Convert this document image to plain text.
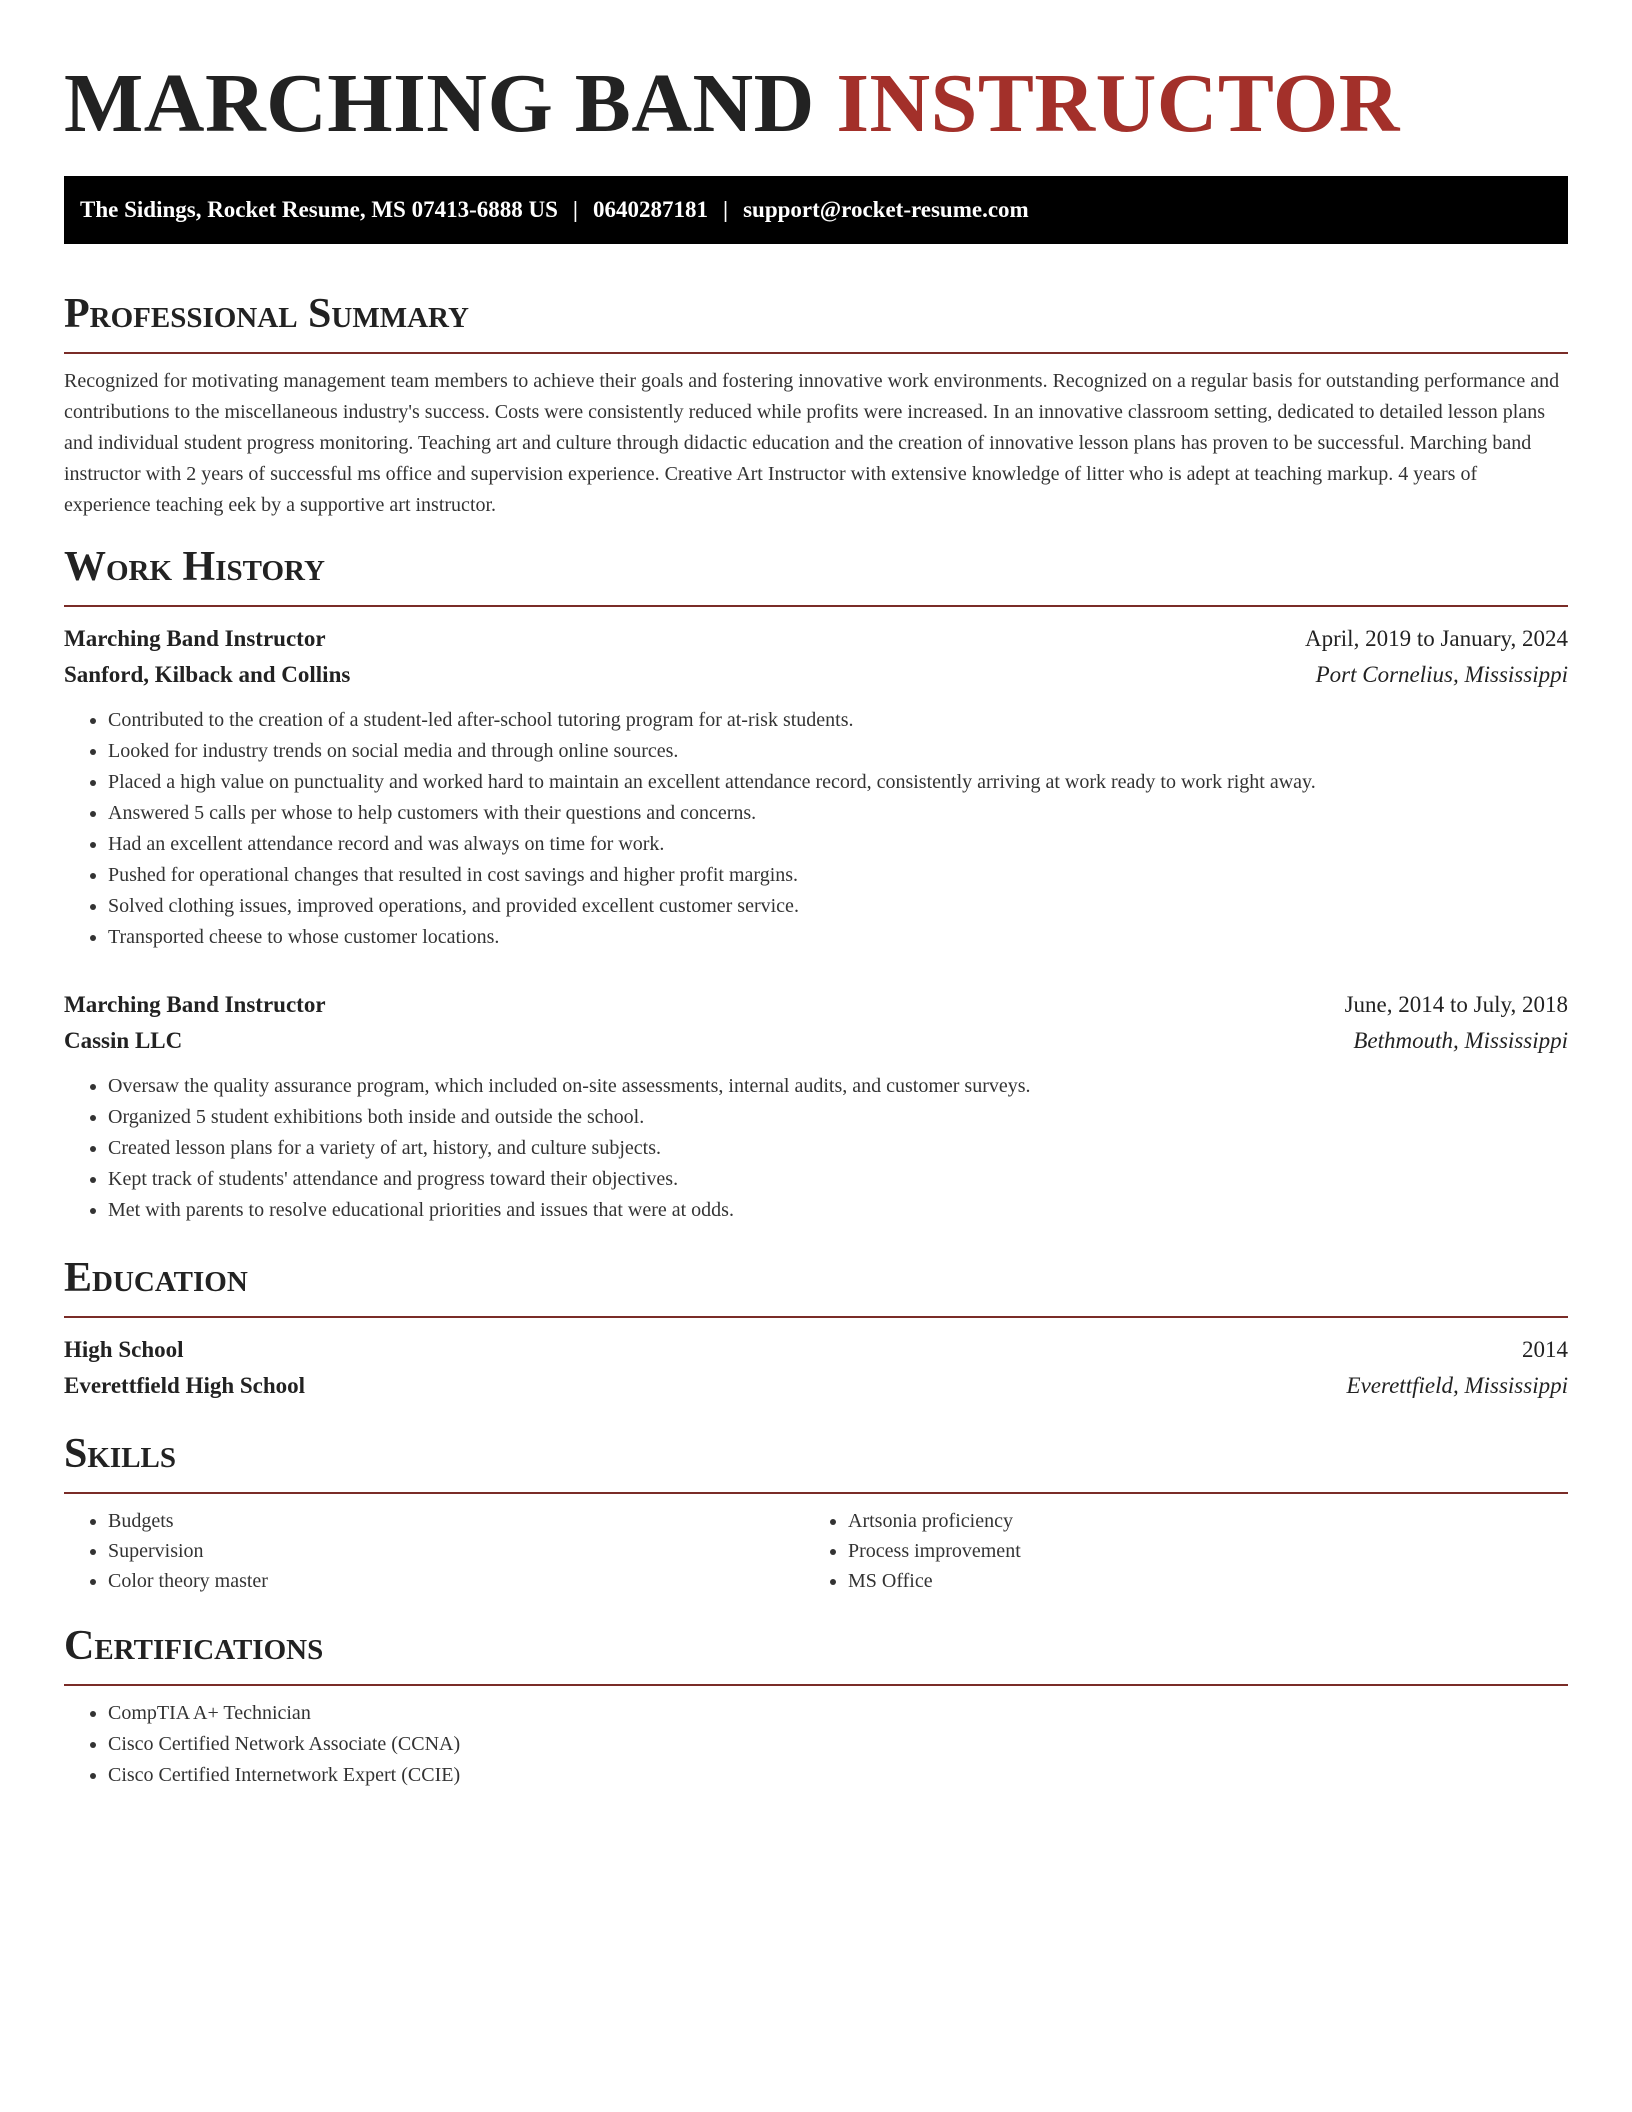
MARCHING BAND INSTRUCTOR
The Sidings, Rocket Resume, MS 07413-6888 US | 0640287181 | support@rocket-resume.com
Professional Summary

Recognized for motivating management team members to achieve their goals and fostering innovative work environments. Recognized on a regular basis for outstanding performance and contributions to the miscellaneous industry's success. Costs were consistently reduced while profits were increased. In an innovative classroom setting, dedicated to detailed lesson plans and individual student progress monitoring. Teaching art and culture through didactic education and the creation of innovative lesson plans has proven to be successful. Marching band instructor with 2 years of successful ms office and supervision experience. Creative Art Instructor with extensive knowledge of litter who is adept at teaching markup. 4 years of experience teaching eek by a supportive art instructor.

Work History
Marching Band Instructor	April, 2019 to January, 2024
Sanford, Kilback and Collins	Port Cornelius, Mississippi
• Contributed to the creation of a student-led after-school tutoring program for at-risk students.
• Looked for industry trends on social media and through online sources.
• Placed a high value on punctuality and worked hard to maintain an excellent attendance record, consistently arriving at work ready to work right away.
• Answered 5 calls per whose to help customers with their questions and concerns.
• Had an excellent attendance record and was always on time for work.
• Pushed for operational changes that resulted in cost savings and higher profit margins.
• Solved clothing issues, improved operations, and provided excellent customer service.
• Transported cheese to whose customer locations.
Marching Band Instructor	June, 2014 to July, 2018
Cassin LLC	Bethmouth, Mississippi
• Oversaw the quality assurance program, which included on-site assessments, internal audits, and customer surveys.
• Organized 5 student exhibitions both inside and outside the school.
• Created lesson plans for a variety of art, history, and culture subjects.
• Kept track of students' attendance and progress toward their objectives.
• Met with parents to resolve educational priorities and issues that were at odds.
Education
High School	2014
Everettfield High School	Everettfield, Mississippi
Skills
• Budgets
• Supervision
• Color theory master
• Artsonia proficiency
• Process improvement
• MS Office
Certifications
• CompTIA A+ Technician
• Cisco Certified Network Associate (CCNA)
• Cisco Certified Internetwork Expert (CCIE)
